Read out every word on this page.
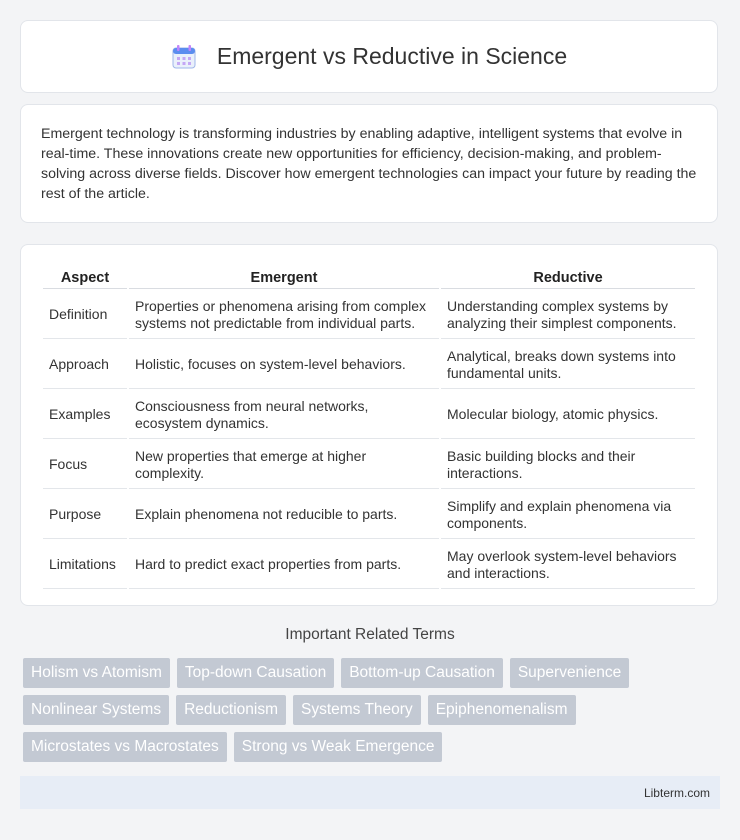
Emergent vs Reductive in Science

Emergent technology is transforming industries by enabling adaptive, intelligent systems that evolve in real-time. These innovations create new opportunities for efficiency, decision-making, and problem-solving across diverse fields. Discover how emergent technologies can impact your future by reading the rest of the article.

Aspect	Emergent	Reductive
Definition	Properties or phenomena arising from complex systems not predictable from individual parts.	Understanding complex systems by analyzing their simplest components.
Approach	Holistic, focuses on system-level behaviors.	Analytical, breaks down systems into fundamental units.
Examples	Consciousness from neural networks, ecosystem dynamics.	Molecular biology, atomic physics.
Focus	New properties that emerge at higher complexity.	Basic building blocks and their interactions.
Purpose	Explain phenomena not reducible to parts.	Simplify and explain phenomena via components.
Limitations	Hard to predict exact properties from parts.	May overlook system-level behaviors and interactions.
Important Related Terms
Holism vs Atomism	Top-down Causation	Bottom-up Causation	Supervenience
Nonlinear Systems	Reductionism	Systems Theory	Epiphenomenalism
Microstates vs Macrostates	Strong vs Weak Emergence
Libterm.com
